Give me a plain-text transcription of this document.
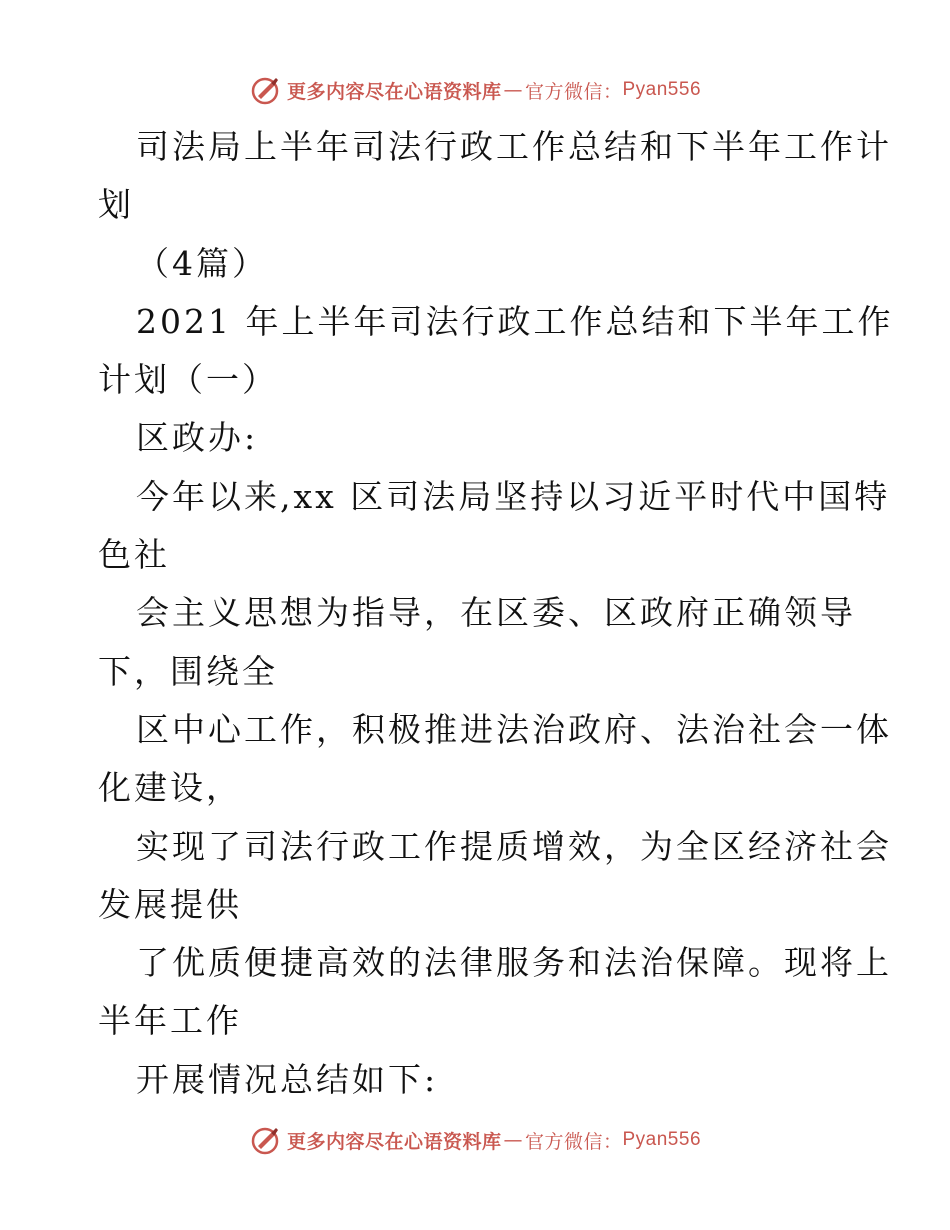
更多内容尽在心语资料库 — 官方微信： Pyan556
司法局上半年司法行政工作总结和下半年工作计
划
（4篇）
2021 年上半年司法行政工作总结和下半年工作
计划（一）
区政办:
今年以来,xx 区司法局坚持以习近平时代中国特
色社
会主义思想为指导，在区委、区政府正确领导
下，围绕全
区中心工作，积极推进法治政府、法治社会一体
化建设，
实现了司法行政工作提质增效，为全区经济社会
发展提供
了优质便捷高效的法律服务和法治保障。现将上
半年工作
开展情况总结如下:
更多内容尽在心语资料库 — 官方微信： Pyan556
